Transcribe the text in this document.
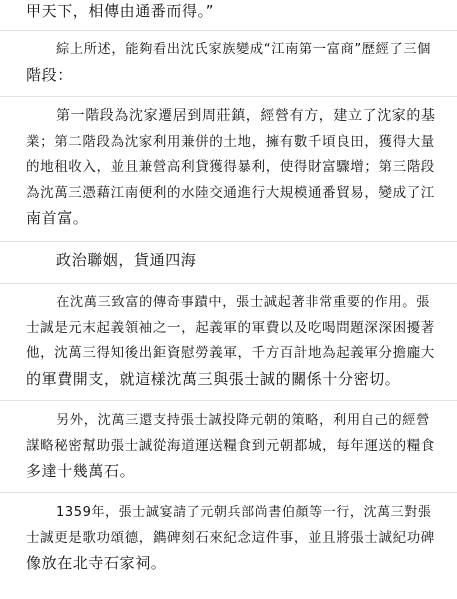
甲天下，相傳由通番而得。”

綜上所述，能夠看出沈氏家族變成“江南第一富商”歷經了三個
階段：

第一階段為沈家遷居到周莊鎮，經營有方，建立了沈家的基
業；第二階段為沈家利用兼併的土地，擁有數千頃良田，獲得大量
的地租收入，並且兼營高利貸獲得暴利，使得財富驟增；第三階段
為沈萬三憑藉江南便利的水陸交通進行大規模通番貿易，變成了江
南首富。

政治聯姻，貨通四海

在沈萬三致富的傳奇事蹟中，張士誠起著非常重要的作用。張
士誠是元末起義領袖之一，起義軍的軍費以及吃喝問題深深困擾著
他，沈萬三得知後出鉅資慰勞義軍，千方百計地為起義軍分擔龐大
的軍費開支，就這樣沈萬三與張士誠的關係十分密切。

另外，沈萬三還支持張士誠投降元朝的策略，利用自己的經營
謀略秘密幫助張士誠從海道運送糧食到元朝都城，每年運送的糧食
多達十幾萬石。

1359年，張士誠宴請了元朝兵部尚書伯顏等一行，沈萬三對張
士誠更是歌功頌德，鐫碑刻石來紀念這件事，並且將張士誠紀功碑
像放在北寺石家祠。
